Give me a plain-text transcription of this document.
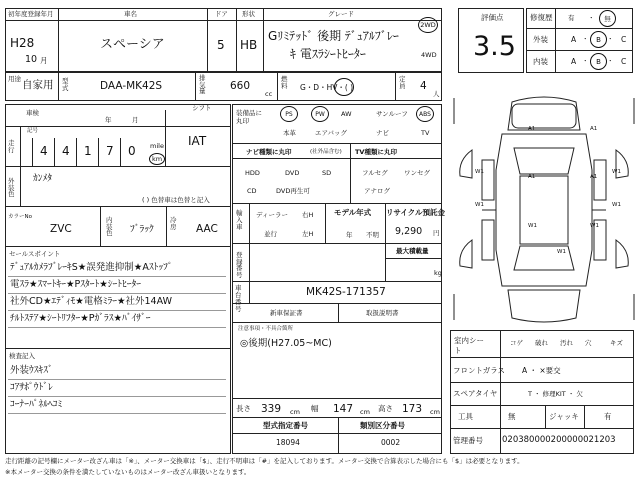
初年度登録年月	車名	ドア 形状	グレード
H28
10 月
スペーシア	5 HB
Gﾘﾐﾃｯﾄﾞ 後期 ﾃﾞｭｱﾙﾌﾞﾚｰ
ｷ 電ｽﾗｼｰﾄﾋｰﾀｰ
2WD
4WD
用途 自家用 型式	DAA-MK42S
排気量 660
cc
燃料 G・D・HV・( )
定員 4
人
車検
年	月
シフト
走行
記号
4 4 1 7 0 mile
km
IAT
外装色
ｶﾝﾒﾀ
( ) 色替車は色替と記入
カラーNo
ZVC
内装色 ﾌﾞﾗｯｸ
冷房 AAC
セールスポイント
ﾃﾞｭｱﾙｶﾒﾗﾌﾞﾚｰｷS★誤発進抑制★Aｽﾄｯﾌﾟ
電ｽﾗ★ｽﾏｰﾄｷｰ★Pｽﾀｰﾄ★ｼｰﾄﾋｰﾀｰ
社外CD★ｴﾃﾞｨﾓ★電格ﾐﾗｰ★社外14AW
ﾁﾙﾄｽﾃｱ★ｼｰﾄﾘﾌﾀｰ★Pｶﾞﾗｽ★ﾊﾞｲｻﾞｰ
検査記入
外装ｳｽｷｽﾞ
ｺｱｻﾎﾟｳﾄﾞﾚ
ｺｰﾅｰﾊﾟﾈﾙﾍｺﾐ
装備品に丸印
PS	PW	AW	サンルーフ	ABS
本革	エアバッグ	ナビ	TV
ナビ種類に丸印	(社外品含む) TV種類に丸印
HDD	DVD	SD
CD	DVD再生可
フルセグ	ワンセグ
アナログ
輸入車
ディーラー
並行
右H
左H
モデル年式
年 不明
リサイクル預託金
9,290 円
登録番号
最大積載量
kg
車台 号
MK42S-171357
新車保証書	取扱説明書
注意事項・不具合箇所
◎後期(H27.05~MC)
長さ 339 cm 幅 147 cm 高さ 173 cm
型式指定番号	類別区分番号
18094	0002
評価点
3.5
修復歴 有 ・	無
外装
内装
A ・	B ・ C
A ・	B ・ C
A1	A1
A1	A1
W1	W1
W1	W1
W1	W1
W1
室内シート
コゲ 破れ 汚れ 穴	キズ
フロントガラス A ・ ×要交
スペアタイヤ	T ・ 修理KIT ・ 欠
工具	無	ジャッキ	有
管理番号 020380000200000021203
走行距離の記号欄にメーター改ざん車は「※」、メーター交換車は「$」、走行不明車は「#」を記入しております。メーター交換で合算表示した場合にも「$」は必要となります。
※本メーター交換の条件を満たしていないものはメーター改ざん車扱いとなります。
